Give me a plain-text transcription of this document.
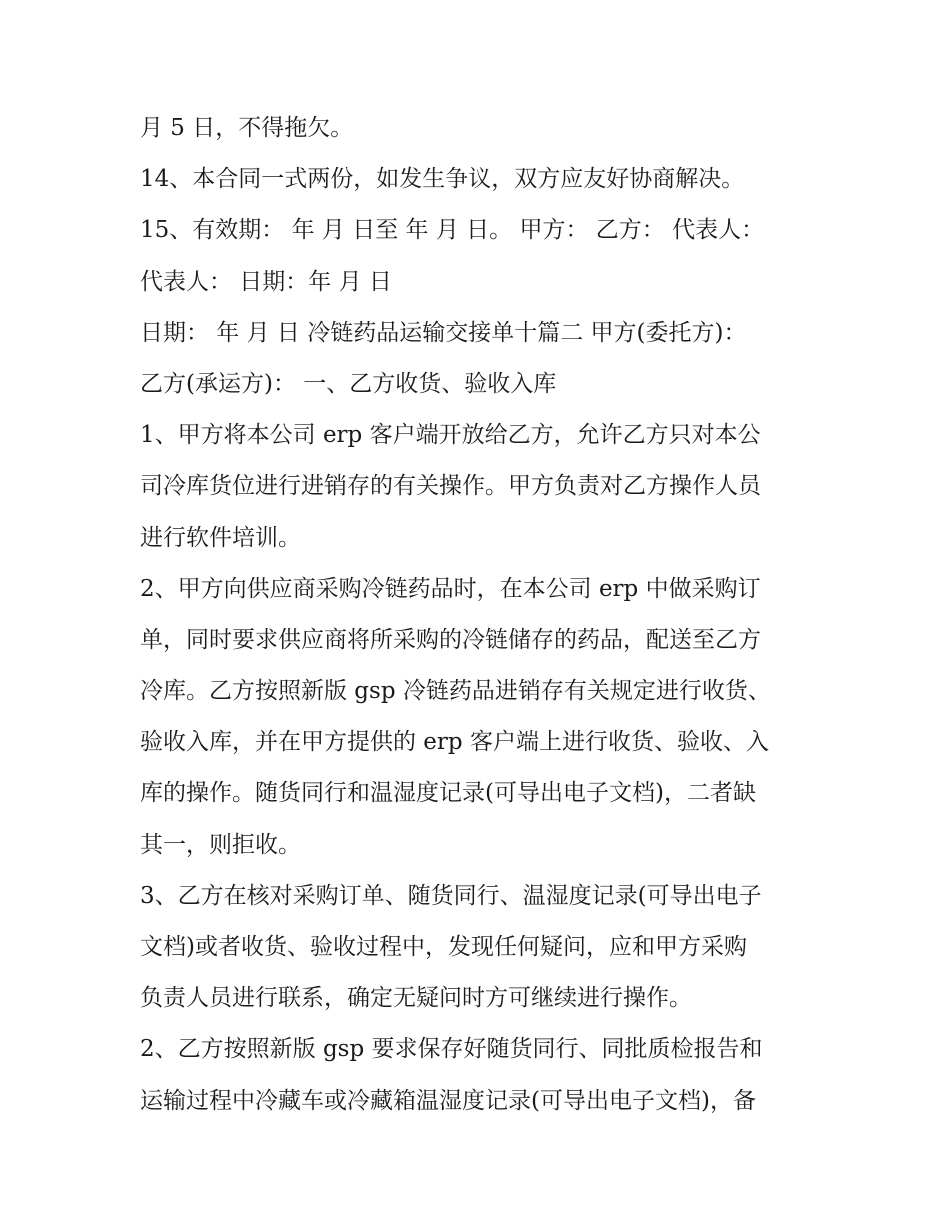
月 5 日，不得拖欠。
14、本合同一式两份，如发生争议，双方应友好协商解决。
15、有效期： 年 月 日至 年 月 日。 甲方： 乙方： 代表人：
代表人： 日期：年 月 日
日期： 年 月 日 冷链药品运输交接单十篇二 甲方(委托方)：
乙方(承运方)： 一、乙方收货、验收入库
1、甲方将本公司 erp 客户端开放给乙方，允许乙方只对本公
司冷库货位进行进销存的有关操作。甲方负责对乙方操作人员
进行软件培训。
2、甲方向供应商采购冷链药品时，在本公司 erp 中做采购订
单，同时要求供应商将所采购的冷链储存的药品，配送至乙方
冷库。乙方按照新版 gsp 冷链药品进销存有关规定进行收货、
验收入库，并在甲方提供的 erp 客户端上进行收货、验收、入
库的操作。随货同行和温湿度记录(可导出电子文档)，二者缺
其一，则拒收。
3、乙方在核对采购订单、随货同行、温湿度记录(可导出电子
文档)或者收货、验收过程中，发现任何疑问，应和甲方采购
负责人员进行联系，确定无疑问时方可继续进行操作。
2、乙方按照新版 gsp 要求保存好随货同行、同批质检报告和
运输过程中冷藏车或冷藏箱温湿度记录(可导出电子文档)，备
